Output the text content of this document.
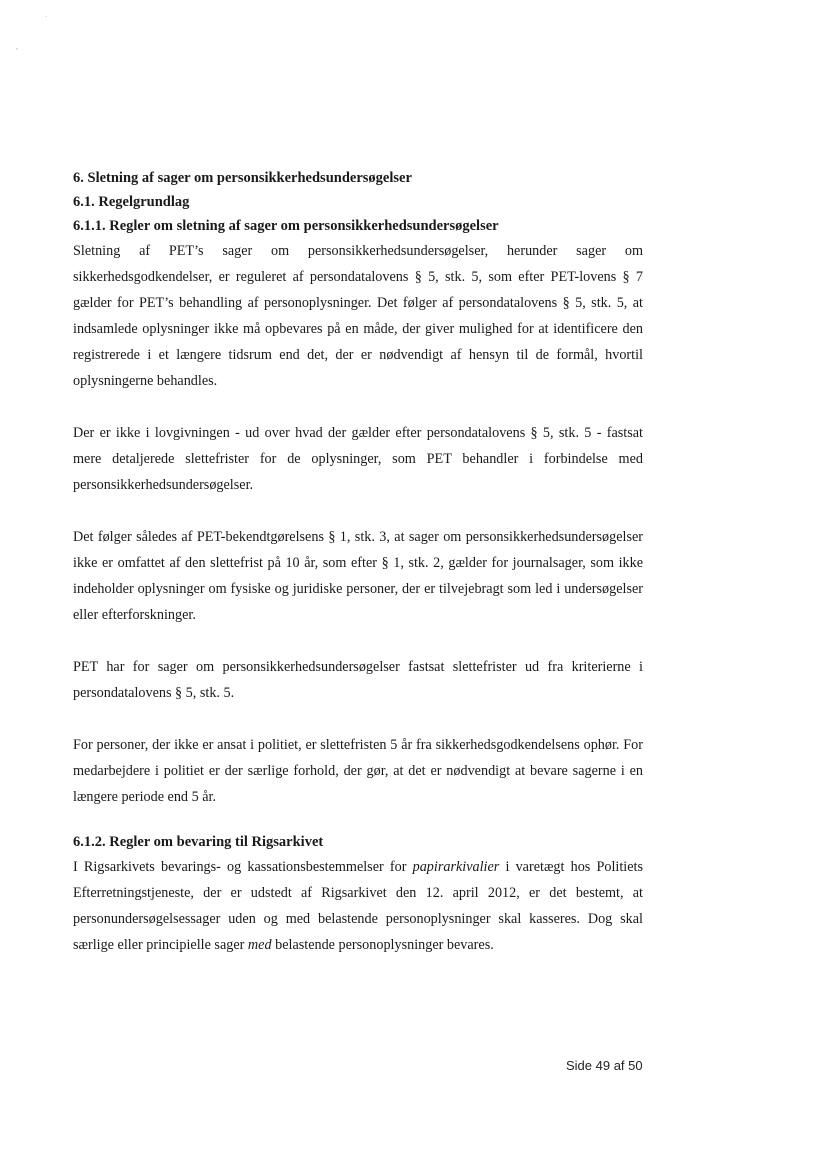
·
,

6. Sletning af sager om personsikkerhedsundersøgelser

6.1. Regelgrundlag

6.1.1. Regler om sletning af sager om personsikkerhedsundersøgelser

Sletning af PET’s sager om personsikkerhedsundersøgelser, herunder sager om sikkerhedsgodkendelser, er reguleret af persondatalovens § 5, stk. 5, som efter PET-lovens § 7 gælder for PET’s behandling af personoplysninger. Det følger af persondatalovens § 5, stk. 5, at indsamlede oplysninger ikke må opbevares på en måde, der giver mulighed for at identificere den registrerede i et længere tidsrum end det, der er nødvendigt af hensyn til de formål, hvortil oplysningerne behandles.

Der er ikke i lovgivningen - ud over hvad der gælder efter persondatalovens § 5, stk. 5 - fastsat mere detaljerede slettefrister for de oplysninger, som PET behandler i forbindelse med personsikkerhedsundersøgelser.

Det følger således af PET-bekendtgørelsens § 1, stk. 3, at sager om personsikkerhedsundersøgelser ikke er omfattet af den slettefrist på 10 år, som efter § 1, stk. 2, gælder for journalsager, som ikke indeholder oplysninger om fysiske og juridiske personer, der er tilvejebragt som led i undersøgelser eller efterforskninger.

PET har for sager om personsikkerhedsundersøgelser fastsat slettefrister ud fra kriterierne i persondatalovens § 5, stk. 5.

For personer, der ikke er ansat i politiet, er slettefristen 5 år fra sikkerhedsgodkendelsens ophør. For medarbejdere i politiet er der særlige forhold, der gør, at det er nødvendigt at bevare sagerne i en længere periode end 5 år.

6.1.2. Regler om bevaring til Rigsarkivet

I Rigsarkivets bevarings- og kassationsbestemmelser for papirarkivalier i varetægt hos Politiets Efterretningstjeneste, der er udstedt af Rigsarkivet den 12. april 2012, er det bestemt, at personundersøgelsessager uden og med belastende personoplysninger skal kasseres. Dog skal særlige eller principielle sager med belastende personoplysninger bevares.

Side 49 af 50
